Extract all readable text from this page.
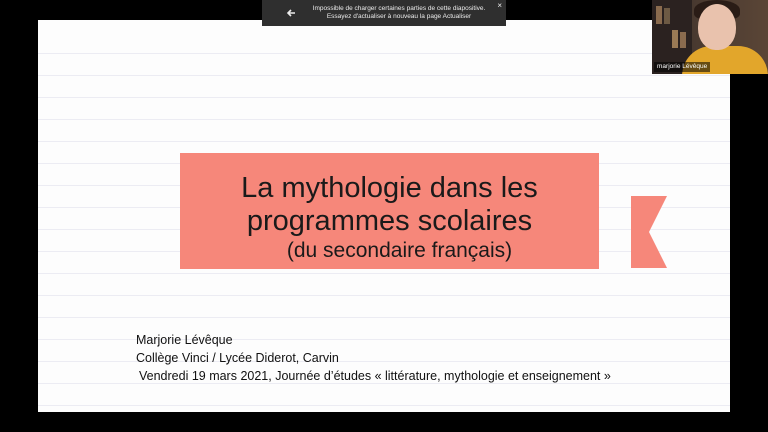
La mythologie dans les
programmes scolaires
(du secondaire français)
Marjorie Lévêque
Collège Vinci / Lycée Diderot, Carvin
Vendredi 19 mars 2021, Journée d’études « littérature, mythologie et enseignement »
Impossible de charger certaines parties de cette diapositive.
Essayez d'actualiser à nouveau la page Actualiser
×
marjorie Lévêque
